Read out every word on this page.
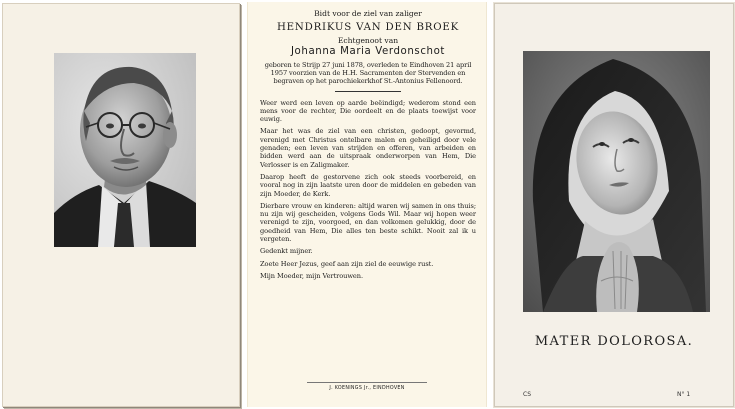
Bidt voor de ziel van zaliger
HENDRIKUS VAN DEN BROEK
Echtgenoot van
Johanna Maria Verdonschot
geboren te Strijp 27 juni 1878, overleden te Eindhoven 21 april 1957 voorzien van de H.H. Sacramenten der Stervenden en begraven op het parochiekerkhof St.-Antonius Fellenoord.

Weer werd een leven op aarde beëindigd; wederom stond een mens voor de rechter, Die oordeelt en de plaats toewijst voor euwig.

Maar het was de ziel van een christen, gedoopt, gevormd, verenigd met Christus ontelbare malen en geheiligd door vele genaden; een leven van strijden en offeren, van arbeiden en bidden werd aan de uitspraak onderworpen van Hem, Die Verlosser is en Zaligmaker.

Daarop heeft de gestorvene zich ook steeds voorbereid, en vooral nog in zijn laatste uren door de middelen en gebeden van zijn Moeder, de Kerk.

Dierbare vrouw en kinderen: altijd waren wij samen in ons thuis; nu zijn wij gescheiden, volgens Gods Wil. Maar wij hopen weer verenigd te zijn, voorgoed, en dan volkomen gelukkig, door de goedheid van Hem, Die alles ten beste schikt. Nooit zal ik u vergeten.

Gedenkt mijner.

Zoete Heer Jezus, geef aan zijn ziel de eeuwige rust.

Mijn Moeder, mijn Vertrouwen.

J. KOENINGS Jr., EINDHOVEN
MATER DOLOROSA.
CS	N° 1
